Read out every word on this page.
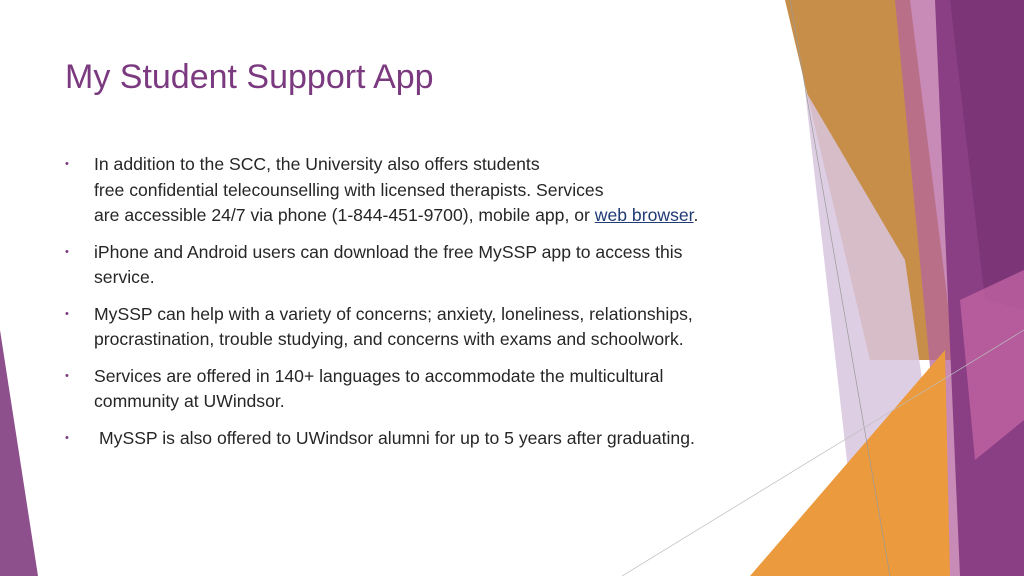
My Student Support App
• In addition to the SCC, the University also offers students
free confidential telecounselling with licensed therapists. Services
are accessible 24/7 via phone (1-844-451-9700), mobile app, or web browser.
• iPhone and Android users can download the free MySSP app to access this
service.
• MySSP can help with a variety of concerns; anxiety, loneliness, relationships,
procrastination, trouble studying, and concerns with exams and schoolwork.
• Services are offered in 140+ languages to accommodate the multicultural
community at UWindsor.
• MySSP is also offered to UWindsor alumni for up to 5 years after graduating.
